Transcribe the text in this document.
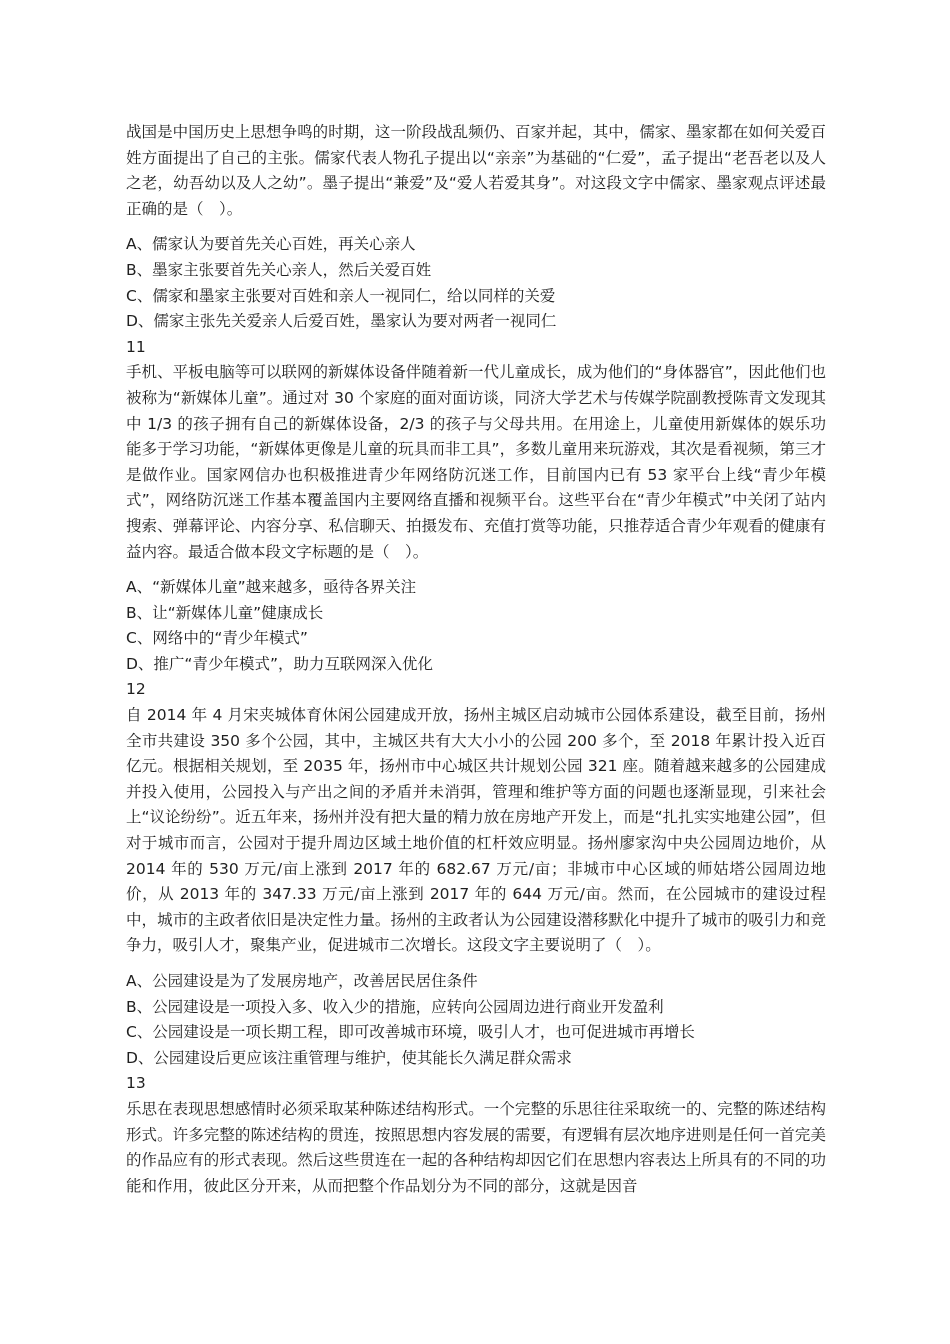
战国是中国历史上思想争鸣的时期，这一阶段战乱频仍、百家并起，其中，儒家、墨家都在如何关爱百姓方面提出了自己的主张。儒家代表人物孔子提出以“亲亲”为基础的“仁爱”，孟子提出“老吾老以及人之老，幼吾幼以及人之幼”。墨子提出“兼爱”及“爱人若爱其身”。对这段文字中儒家、墨家观点评述最正确的是（　）。

A、儒家认为要首先关心百姓，再关心亲人
B、墨家主张要首先关心亲人，然后关爱百姓
C、儒家和墨家主张要对百姓和亲人一视同仁，给以同样的关爱
D、儒家主张先关爱亲人后爱百姓，墨家认为要对两者一视同仁
11

手机、平板电脑等可以联网的新媒体设备伴随着新一代儿童成长，成为他们的“身体器官”，因此他们也被称为“新媒体儿童”。通过对 30 个家庭的面对面访谈，同济大学艺术与传媒学院副教授陈青文发现其中 1/3 的孩子拥有自己的新媒体设备，2/3 的孩子与父母共用。在用途上，儿童使用新媒体的娱乐功能多于学习功能，“新媒体更像是儿童的玩具而非工具”，多数儿童用来玩游戏，其次是看视频，第三才是做作业。国家网信办也积极推进青少年网络防沉迷工作，目前国内已有 53 家平台上线“青少年模式”，网络防沉迷工作基本覆盖国内主要网络直播和视频平台。这些平台在“青少年模式”中关闭了站内搜索、弹幕评论、内容分享、私信聊天、拍摄发布、充值打赏等功能，只推荐适合青少年观看的健康有益内容。最适合做本段文字标题的是（　）。

A、“新媒体儿童”越来越多，亟待各界关注
B、让“新媒体儿童”健康成长
C、网络中的“青少年模式”
D、推广“青少年模式”，助力互联网深入优化
12

自 2014 年 4 月宋夹城体育休闲公园建成开放，扬州主城区启动城市公园体系建设，截至目前，扬州全市共建设 350 多个公园，其中，主城区共有大大小小的公园 200 多个，至 2018 年累计投入近百亿元。根据相关规划，至 2035 年，扬州市中心城区共计规划公园 321 座。随着越来越多的公园建成并投入使用，公园投入与产出之间的矛盾并未消弭，管理和维护等方面的问题也逐渐显现，引来社会上“议论纷纷”。近五年来，扬州并没有把大量的精力放在房地产开发上，而是“扎扎实实地建公园”，但对于城市而言，公园对于提升周边区域土地价值的杠杆效应明显。扬州廖家沟中央公园周边地价，从 2014 年的 530 万元/亩上涨到 2017 年的 682.67 万元/亩；非城市中心区域的师姑塔公园周边地价，从 2013 年的 347.33 万元/亩上涨到 2017 年的 644 万元/亩。然而，在公园城市的建设过程中，城市的主政者依旧是决定性力量。扬州的主政者认为公园建设潜移默化中提升了城市的吸引力和竞争力，吸引人才，聚集产业，促进城市二次增长。这段文字主要说明了（　）。

A、公园建设是为了发展房地产，改善居民居住条件
B、公园建设是一项投入多、收入少的措施，应转向公园周边进行商业开发盈利
C、公园建设是一项长期工程，即可改善城市环境，吸引人才，也可促进城市再增长
D、公园建设后更应该注重管理与维护，使其能长久满足群众需求
13

乐思在表现思想感情时必须采取某种陈述结构形式。一个完整的乐思往往采取统一的、完整的陈述结构形式。许多完整的陈述结构的贯连，按照思想内容发展的需要，有逻辑有层次地序进则是任何一首完美的作品应有的形式表现。然后这些贯连在一起的各种结构却因它们在思想内容表达上所具有的不同的功能和作用，彼此区分开来，从而把整个作品划分为不同的部分，这就是因音
